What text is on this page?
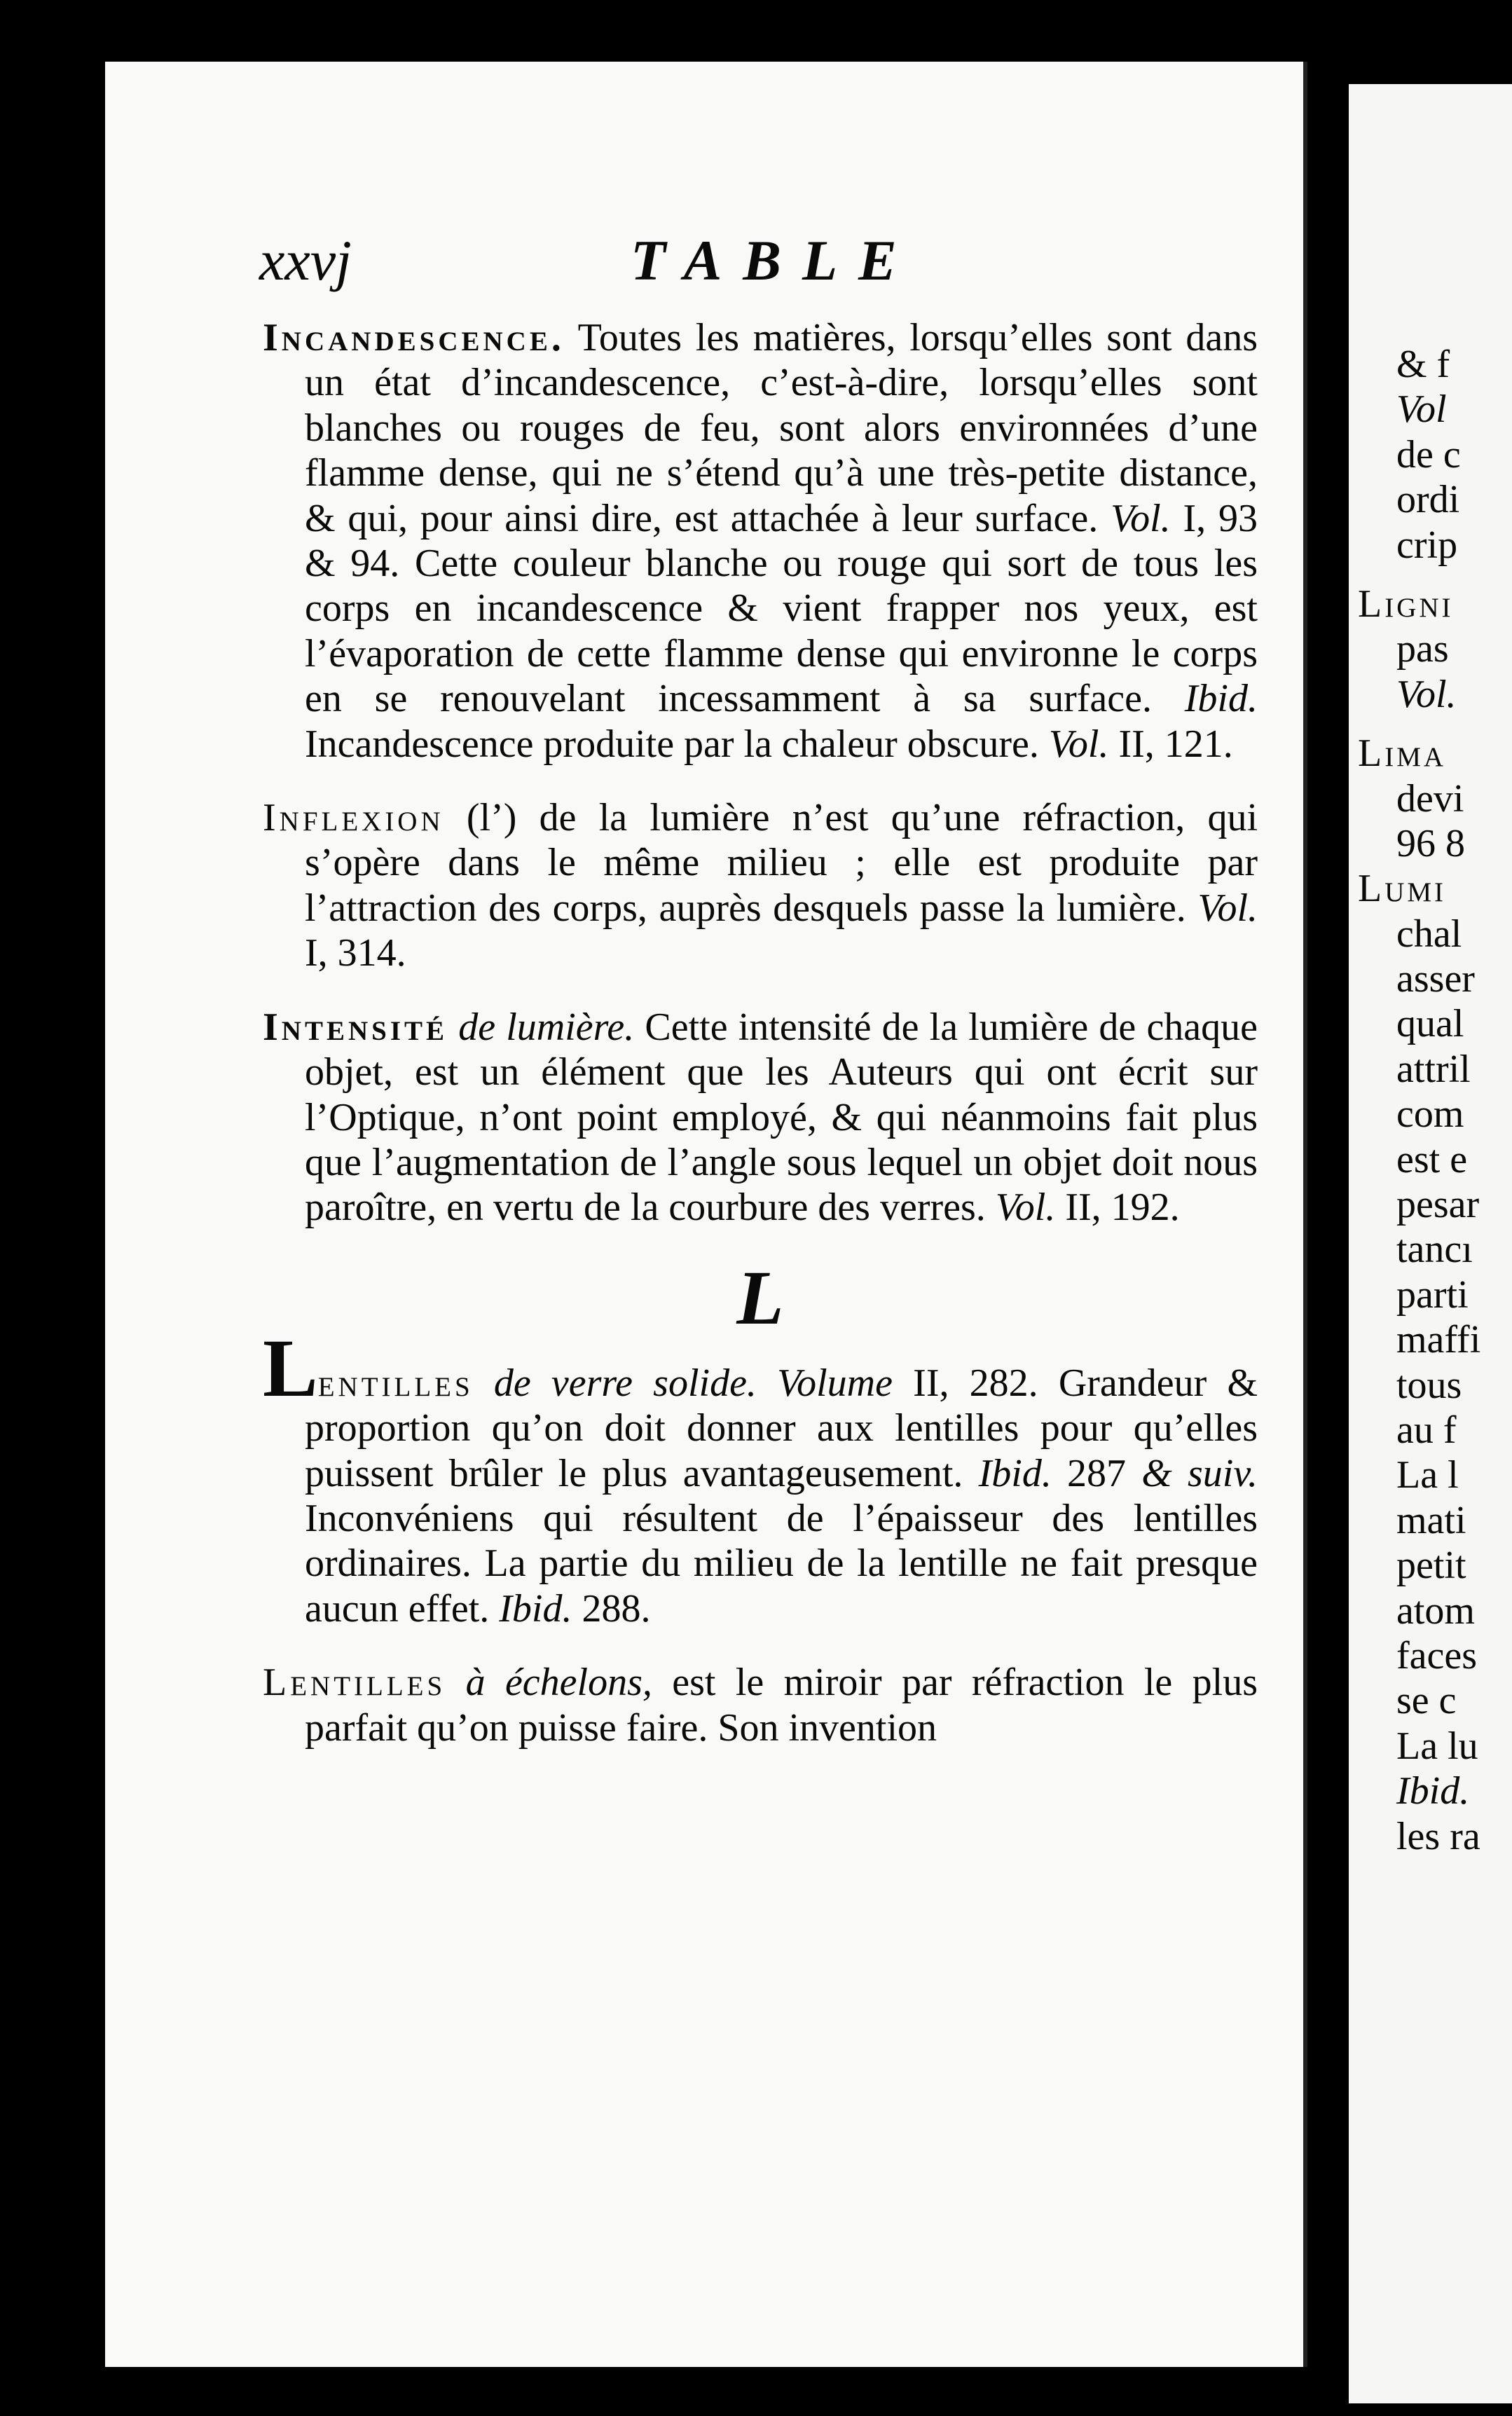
xxvj	TABLE

Incandescence. Toutes les matières, lorsqu’elles sont dans un état d’incandescence, c’est-à-dire, lorsqu’elles sont blanches ou rouges de feu, sont alors environnées d’une flamme dense, qui ne s’étend qu’à une très-petite distance, & qui, pour ainsi dire, est attachée à leur surface. Vol. I, 93 & 94. Cette couleur blanche ou rouge qui sort de tous les corps en incandescence & vient frapper nos yeux, est l’évaporation de cette flamme dense qui environne le corps en se renouvelant incessamment à sa surface. Ibid. Incandescence produite par la chaleur obscure. Vol. II, 121.

Inflexion (l’) de la lumière n’est qu’une réfraction, qui s’opère dans le même milieu ; elle est produite par l’attraction des corps, auprès desquels passe la lumière. Vol. I, 314.

Intensité de lumière. Cette intensité de la lumière de chaque objet, est un élément que les Auteurs qui ont écrit sur l’Optique, n’ont point employé, & qui néanmoins fait plus que l’augmentation de l’angle sous lequel un objet doit nous paroître, en vertu de la courbure des verres. Vol. II, 192.

L

Lentilles de verre solide. Volume II, 282. Grandeur & proportion qu’on doit donner aux lentilles pour qu’elles puissent brûler le plus avantageusement. Ibid. 287 & suiv. Inconvéniens qui résultent de l’épaisseur des lentilles ordinaires. La partie du milieu de la lentille ne fait presque aucun effet. Ibid. 288.

Lentilles à échelons, est le miroir par réfraction le plus parfait qu’on puisse faire. Son invention

& f
Vol
de c
ordi
crip
Ligni
pas
Vol.
Lima
devi
96 8
Lumi
chal
asser
qual
attril
com
est e
pesar
tancı
parti
maffi
tous
au f
La l
mati
petit
atom
faces
se c
La lu
Ibid.
les ra
